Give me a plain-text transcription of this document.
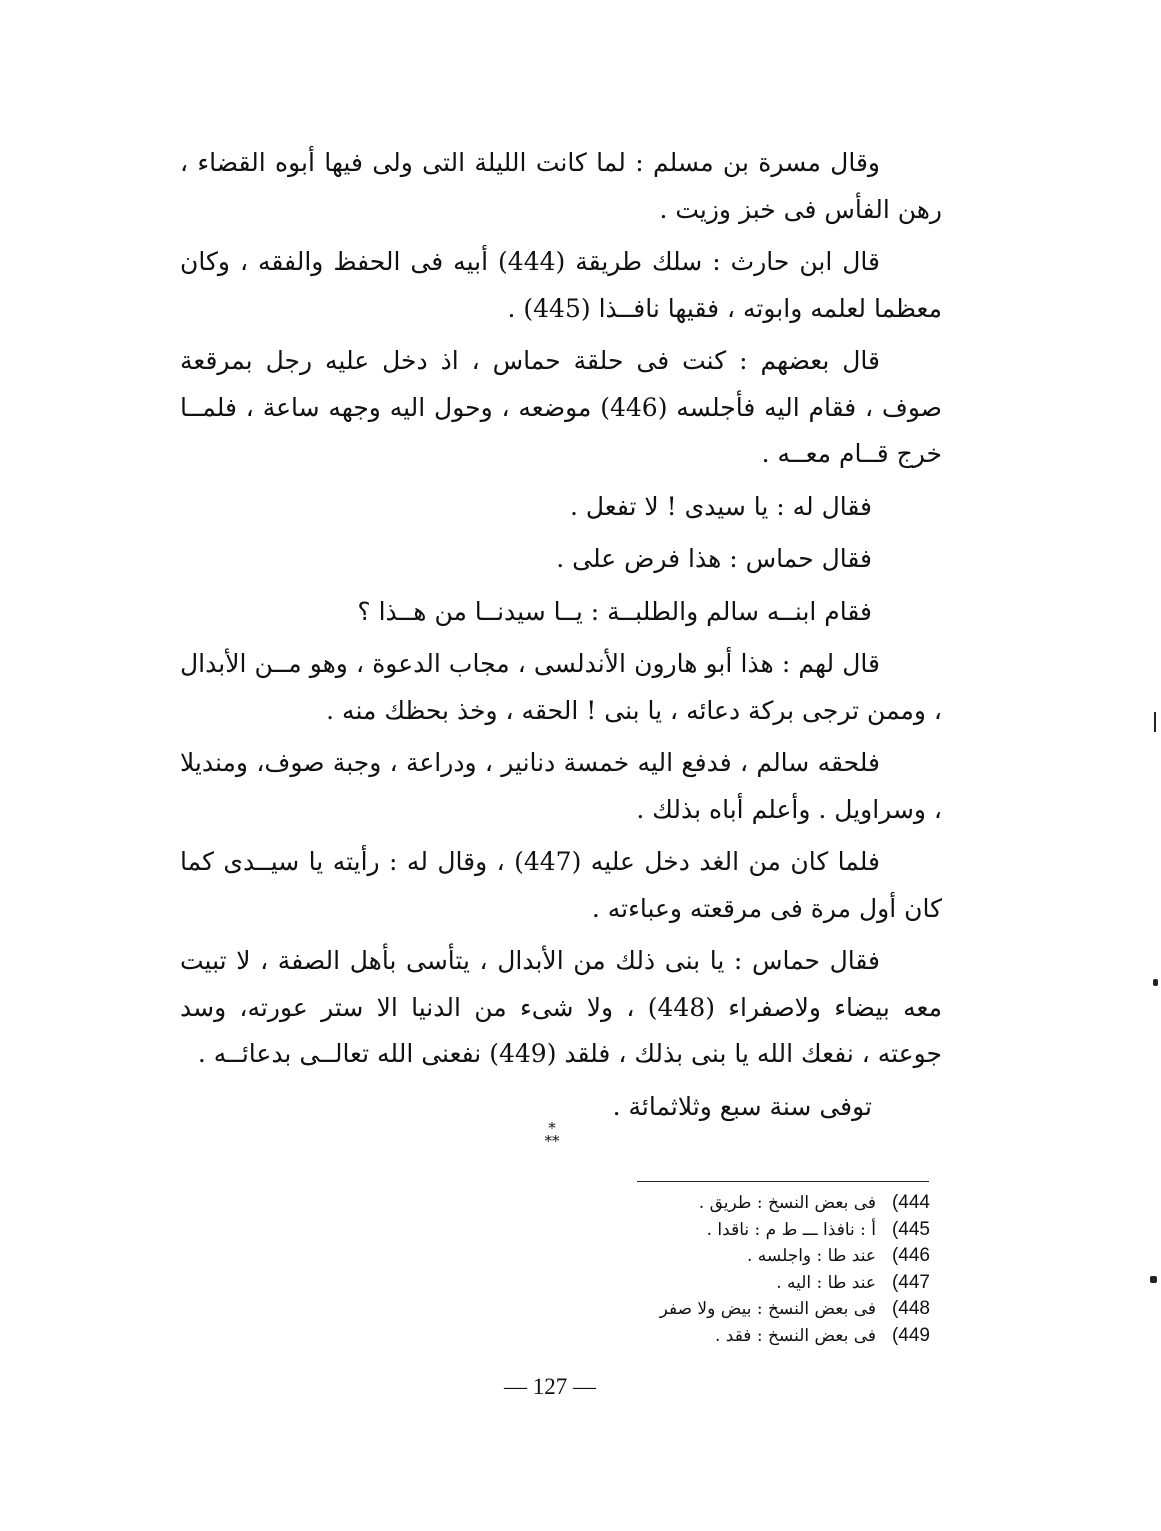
وقال مسرة بن مسلم : لما كانت الليلة التى ولى فيها أبوه القضاء ، رهن الفأس فى خبز وزيت .

قال ابن حارث : سلك طريقة (444) أبيه فى الحفظ والفقه ، وكان معظما لعلمه وابوته ، فقيها نافــذا (445) .

قال بعضهم : كنت فى حلقة حماس ، اذ دخل عليه رجل بمرقعة صوف ، فقام اليه فأجلسه (446) موضعه ، وحول اليه وجهه ساعة ، فلمــا خرج قــام معــه .

فقال له : يا سيدى ! لا تفعل .

فقال حماس : هذا فرض على .

فقام ابنــه سالم والطلبــة : يــا سيدنــا من هــذا ؟

قال لهم : هذا أبو هارون الأندلسى ، مجاب الدعوة ، وهو مــن الأبدال ، وممن ترجى بركة دعائه ، يا بنى ! الحقه ، وخذ بحظك منه .

فلحقه سالم ، فدفع اليه خمسة دنانير ، ودراعة ، وجبة صوف، ومنديلا ، وسراويل . وأعلم أباه بذلك .

فلما كان من الغد دخل عليه (447) ، وقال له : رأيته يا سيــدى كما كان أول مرة فى مرقعته وعباءته .

فقال حماس : يا بنى ذلك من الأبدال ، يتأسى بأهل الصفة ، لا تبيت معه بيضاء ولاصفراء (448) ، ولا شىء من الدنيا الا ستر عورته، وسد جوعته ، نفعك الله يا بنى بذلك ، فلقد (449) نفعنى الله تعالــى بدعائــه .

توفى سنة سبع وثلاثمائة .

*
**
444)
فى بعض النسخ : طريق .
445)
أ : نافذا ـــ ط م : ناقدا .
446)
عند طا : واجلسه .
447)
عند طا : اليه .
448)
فى بعض النسخ : بيض ولا صفر
449)
فى بعض النسخ : فقد .
— 127 —
